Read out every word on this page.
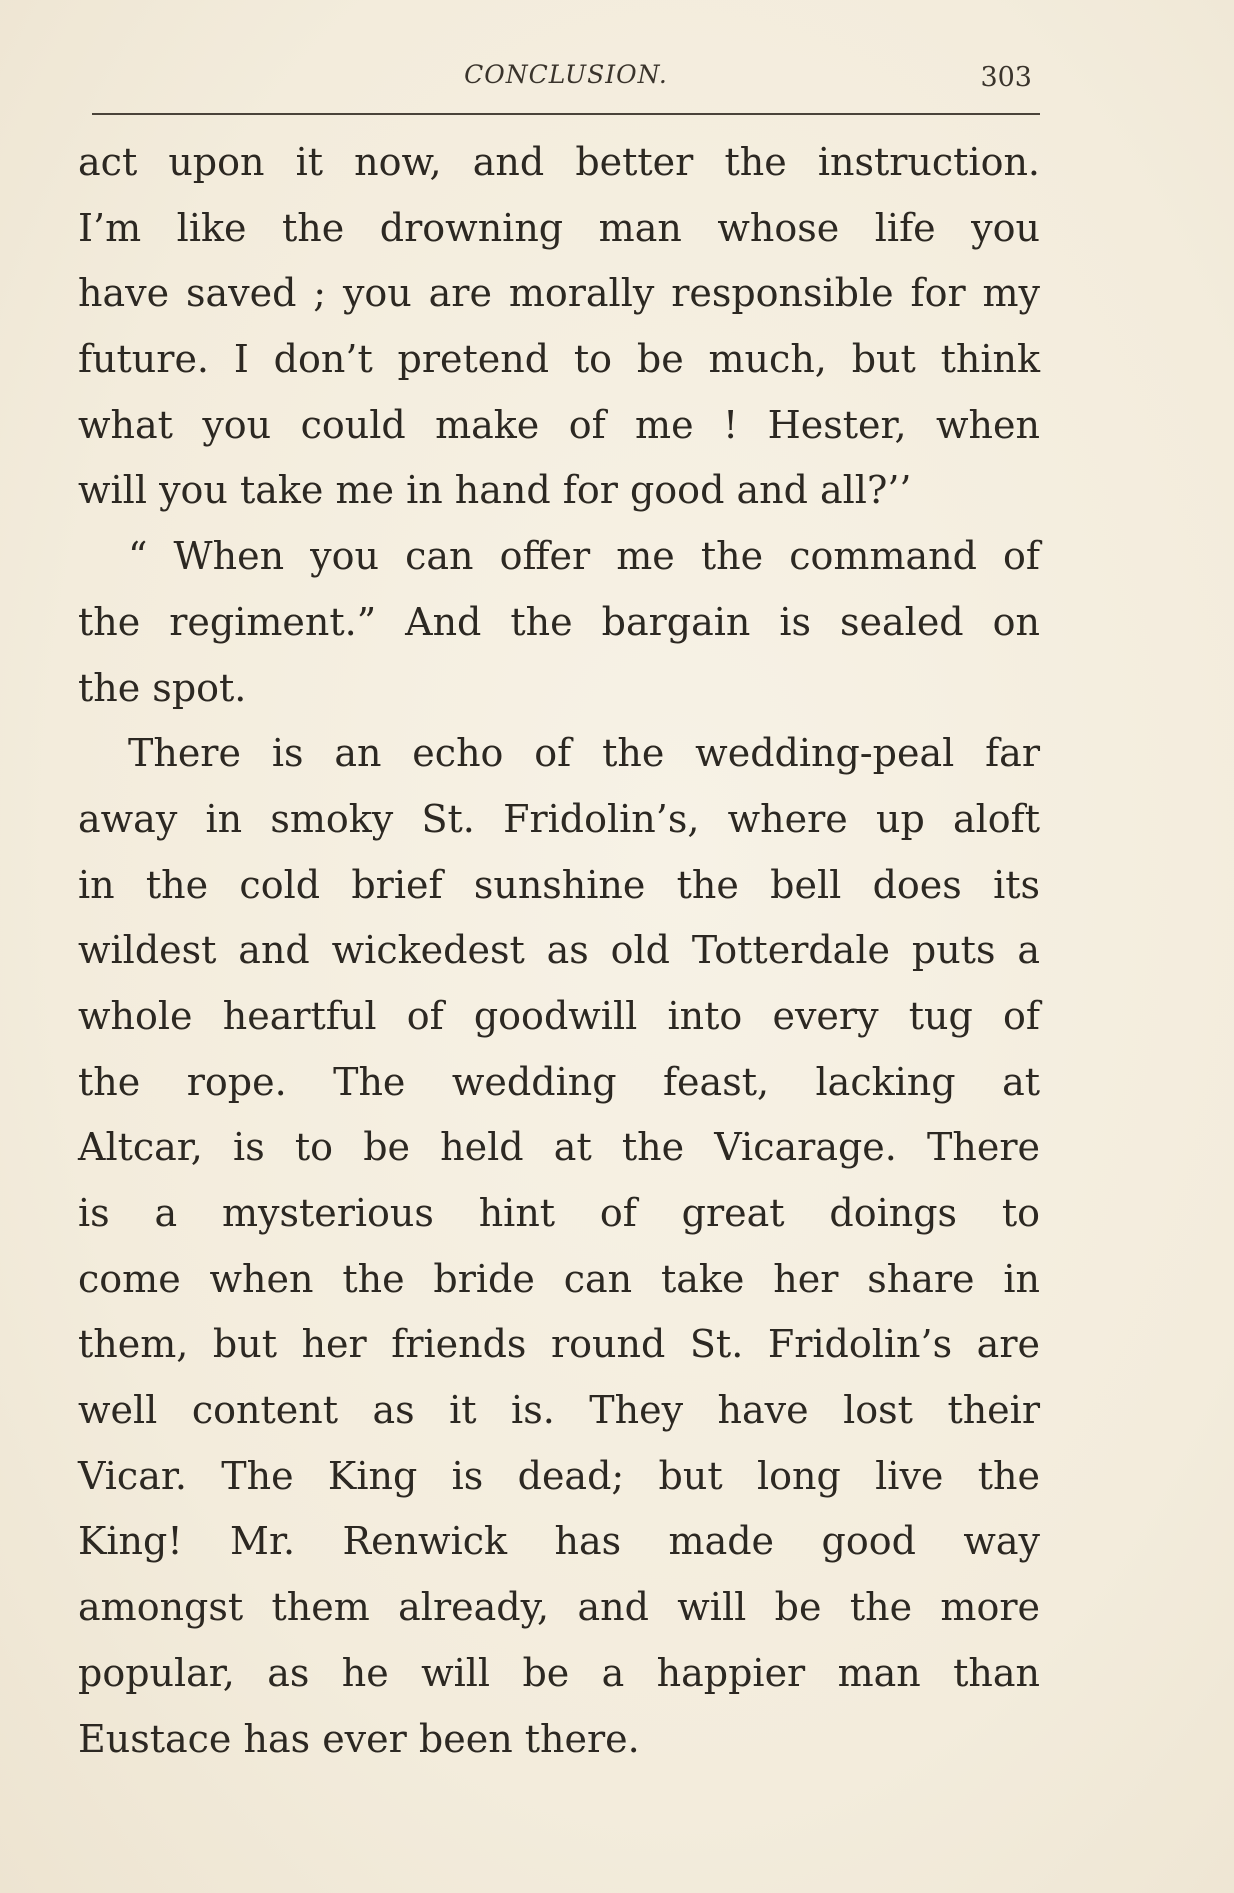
CONCLUSION.	303
act upon it now, and better the instruction.
I’m like the drowning man whose life you
have saved ; you are morally responsible for my
future. I don’t pretend to be much, but think
what you could make of me ! Hester, when
will you take me in hand for good and all?’’
“ When you can offer me the command of
the regiment.” And the bargain is sealed on
the spot.
There is an echo of the wedding-peal far
away in smoky St. Fridolin’s, where up aloft
in the cold brief sunshine the bell does its
wildest and wickedest as old Totterdale puts a
whole heartful of goodwill into every tug of
the rope. The wedding feast, lacking at
Altcar, is to be held at the Vicarage. There
is a mysterious hint of great doings to
come when the bride can take her share in
them, but her friends round St. Fridolin’s are
well content as it is. They have lost their
Vicar. The King is dead; but long live the
King! Mr. Renwick has made good way
amongst them already, and will be the more
popular, as he will be a happier man than
Eustace has ever been there.
